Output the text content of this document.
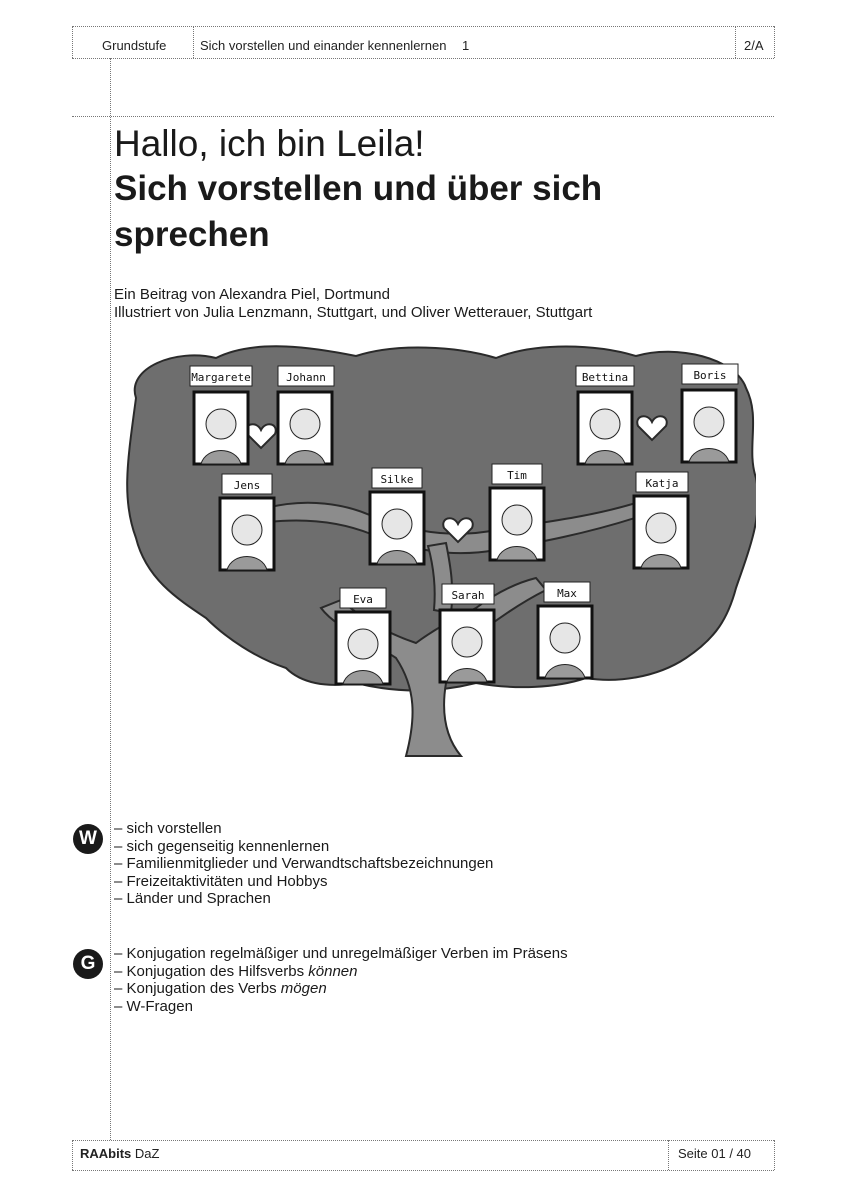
Grundstufe	Sich vorstellen und einander kennenlernen 1	2/A
Hallo, ich bin Leila!
Sich vorstellen und über sich sprechen
Ein Beitrag von Alexandra Piel, Dortmund
Illustriert von Julia Lenzmann, Stuttgart, und Oliver Wetterauer, Stuttgart
Margarete	Johann	Bettina	Boris
Jens	Silke	Tim
Katja
Eva	Sarah	Max
W	– sich vorstellen
– sich gegenseitig kennenlernen
– Familienmitglieder und Verwandtschaftsbezeichnungen
– Freizeitaktivitäten und Hobbys
– Länder und Sprachen
G	– Konjugation regelmäßiger und unregelmäßiger Verben im Präsens
– Konjugation des Hilfsverbs können
– Konjugation des Verbs mögen
– W-Fragen
RAAbits DaZ	Seite 01 / 40
